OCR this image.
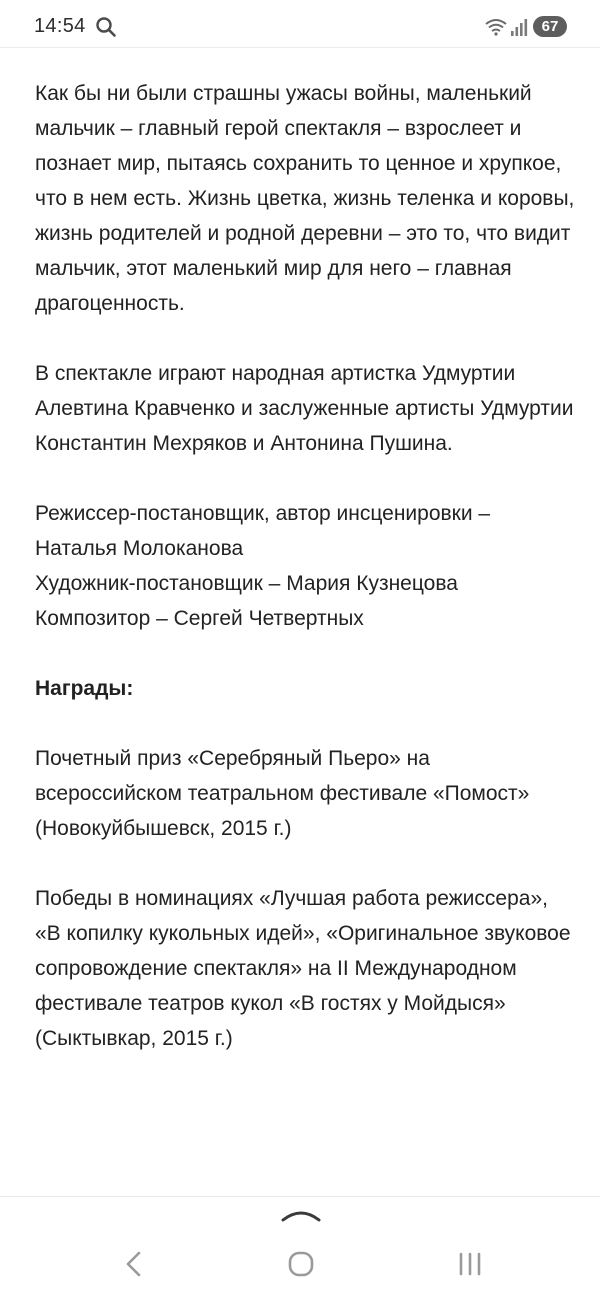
14:54	67

Как бы ни были страшны ужасы войны, маленький мальчик – главный герой спектакля – взрослеет и познает мир, пытаясь сохранить то ценное и хрупкое, что в нем есть. Жизнь цветка, жизнь теленка и коровы, жизнь родителей и родной деревни – это то, что видит мальчик, этот маленький мир для него – главная драгоценность.

В спектакле играют народная артистка Удмуртии Алевтина Кравченко и заслуженные артисты Удмуртии Константин Мехряков и Антонина Пушина.

Режиссер-постановщик, автор инсценировки – Наталья Молоканова

Художник-постановщик – Мария Кузнецова

Композитор – Сергей Четвертных

Награды:

Почетный приз «Серебряный Пьеро» на всероссийском театральном фестивале «Помост» (Новокуйбышевск, 2015 г.)

Победы в номинациях «Лучшая работа режиссера», «В копилку кукольных идей», «Оригинальное звуковое сопровождение спектакля» на II Международном фестивале театров кукол «В гостях у Мойдыся» (Сыктывкар, 2015 г.)
